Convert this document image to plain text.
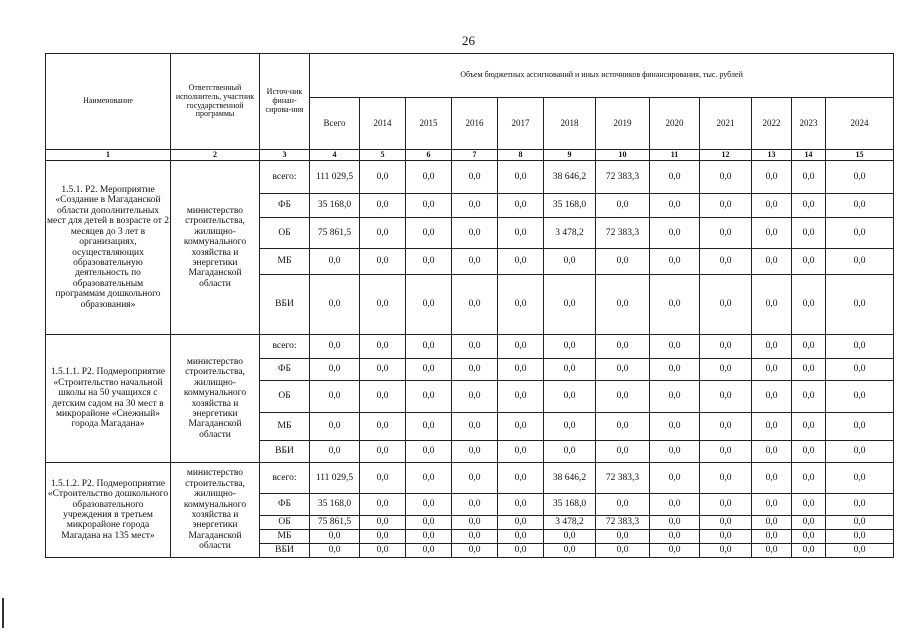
26
Наименование	Ответственный исполнитель, участник государственной программы	Источ-ник финан-сирова-ния	Объем бюджетных ассигнований и иных источников финансирования, тыс. рублей											
			Всего	2014	2015	2016	2017	2018	2019	2020	2021	2022	2023	2024
1	2	3	4	5	6	7	8	9	10	11	12	13	14	15
1.5.1. Р2. Мероприятие «Создание в Магаданской области дополнительных мест для детей в возрасте от 2 месяцев до 3 лет в организациях, осуществляющих образовательную деятельность по образовательным программам дошкольного образования»	министерство строительства, жилищно-коммунального хозяйства и энергетики Магаданской области	всего:	111 029,5	0,0	0,0	0,0	0,0	38 646,2	72 383,3	0,0	0,0	0,0	0,0	0,0
		ФБ	35 168,0	0,0	0,0	0,0	0,0	35 168,0	0,0	0,0	0,0	0,0	0,0	0,0
		ОБ	75 861,5	0,0	0,0	0,0	0,0	3 478,2	72 383,3	0,0	0,0	0,0	0,0	0,0
		МБ	0,0	0,0	0,0	0,0	0,0	0,0	0,0	0,0	0,0	0,0	0,0	0,0
		ВБИ	0,0	0,0	0,0	0,0	0,0	0,0	0,0	0,0	0,0	0,0	0,0	0,0
1.5.1.1. Р2. Подмероприятие «Строительство начальной школы на 50 учащихся с детским садом на 30 мест в микрорайоне «Снежный» города Магадана»	министерство строительства, жилищно-коммунального хозяйства и энергетики Магаданской области	всего:	0,0	0,0	0,0	0,0	0,0	0,0	0,0	0,0	0,0	0,0	0,0	0,0
		ФБ	0,0	0,0	0,0	0,0	0,0	0,0	0,0	0,0	0,0	0,0	0,0	0,0
		ОБ	0,0	0,0	0,0	0,0	0,0	0,0	0,0	0,0	0,0	0,0	0,0	0,0
		МБ	0,0	0,0	0,0	0,0	0,0	0,0	0,0	0,0	0,0	0,0	0,0	0,0
		ВБИ	0,0	0,0	0,0	0,0	0,0	0,0	0,0	0,0	0,0	0,0	0,0	0,0
1.5.1.2. Р2. Подмероприятие «Строительство дошкольного образовательного учреждения в третьем микрорайоне города Магадана на 135 мест»	министерство строительства, жилищно-коммунального хозяйства и энергетики Магаданской области	всего:	111 029,5	0,0	0,0	0,0	0,0	38 646,2	72 383,3	0,0	0,0	0,0	0,0	0,0
		ФБ	35 168,0	0,0	0,0	0,0	0,0	35 168,0	0,0	0,0	0,0	0,0	0,0	0,0
		ОБ	75 861,5	0,0	0,0	0,0	0,0	3 478,2	72 383,3	0,0	0,0	0,0	0,0	0,0
		МБ	0,0	0,0	0,0	0,0	0,0	0,0	0,0	0,0	0,0	0,0	0,0	0,0
		ВБИ	0,0	0,0	0,0	0,0	0,0	0,0	0,0	0,0	0,0	0,0	0,0	0,0
